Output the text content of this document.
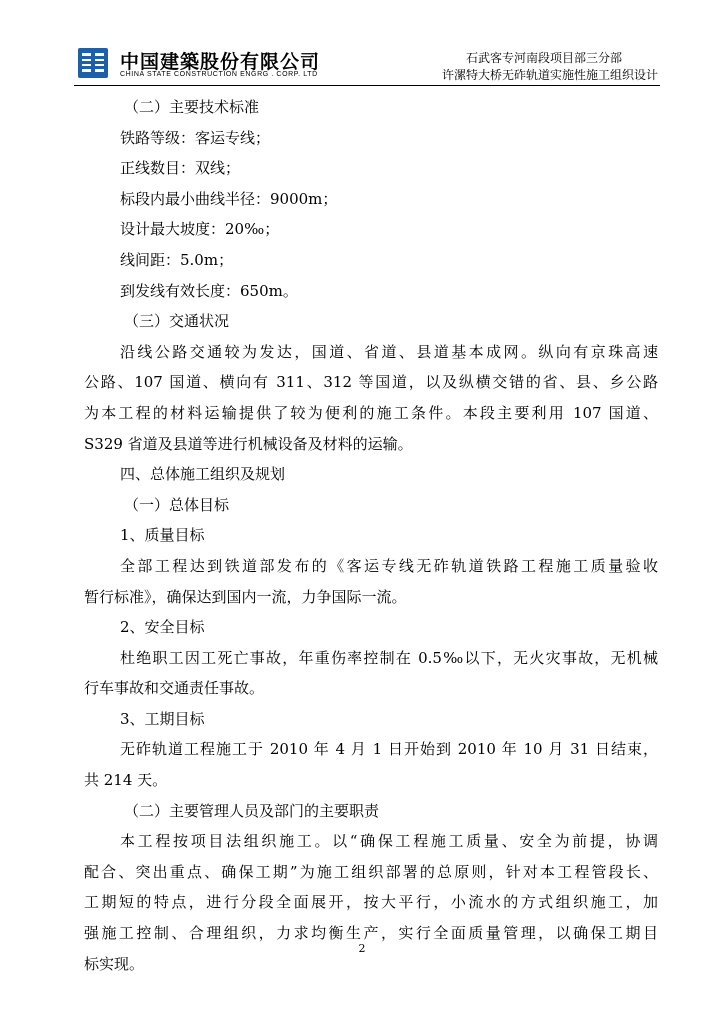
中国建築股份有限公司
CHINA STATE CONSTRUCTION ENGRG . CORP. LTD
石武客专河南段项目部三分部
许漯特大桥无砟轨道实施性施工组织设计
（二）主要技术标准
铁路等级：客运专线；
正线数目：双线；
标段内最小曲线半径：9000m；
设计最大坡度：20‰；
线间距：5.0m；
到发线有效长度：650m。
（三）交通状况
沿线公路交通较为发达，国道、省道、县道基本成网。纵向有京珠高速
公路、107 国道、横向有 311、312 等国道，以及纵横交错的省、县、乡公路
为本工程的材料运输提供了较为便利的施工条件。本段主要利用 107 国道、
S329 省道及县道等进行机械设备及材料的运输。
四、总体施工组织及规划
（一）总体目标
1、质量目标
全部工程达到铁道部发布的《客运专线无砟轨道铁路工程施工质量验收
暂行标准》，确保达到国内一流，力争国际一流。
2、安全目标
杜绝职工因工死亡事故，年重伤率控制在 0.5‰以下，无火灾事故，无机械
行车事故和交通责任事故。
3、工期目标
无砟轨道工程施工于 2010 年 4 月 1 日开始到 2010 年 10 月 31 日结束，
共 214 天。
（二）主要管理人员及部门的主要职责
本工程按项目法组织施工。以“确保工程施工质量、安全为前提，协调
配合、突出重点、确保工期”为施工组织部署的总原则，针对本工程管段长、
工期短的特点，进行分段全面展开，按大平行，小流水的方式组织施工，加
强施工控制、合理组织，力求均衡生产，实行全面质量管理，以确保工期目
标实现。
2
